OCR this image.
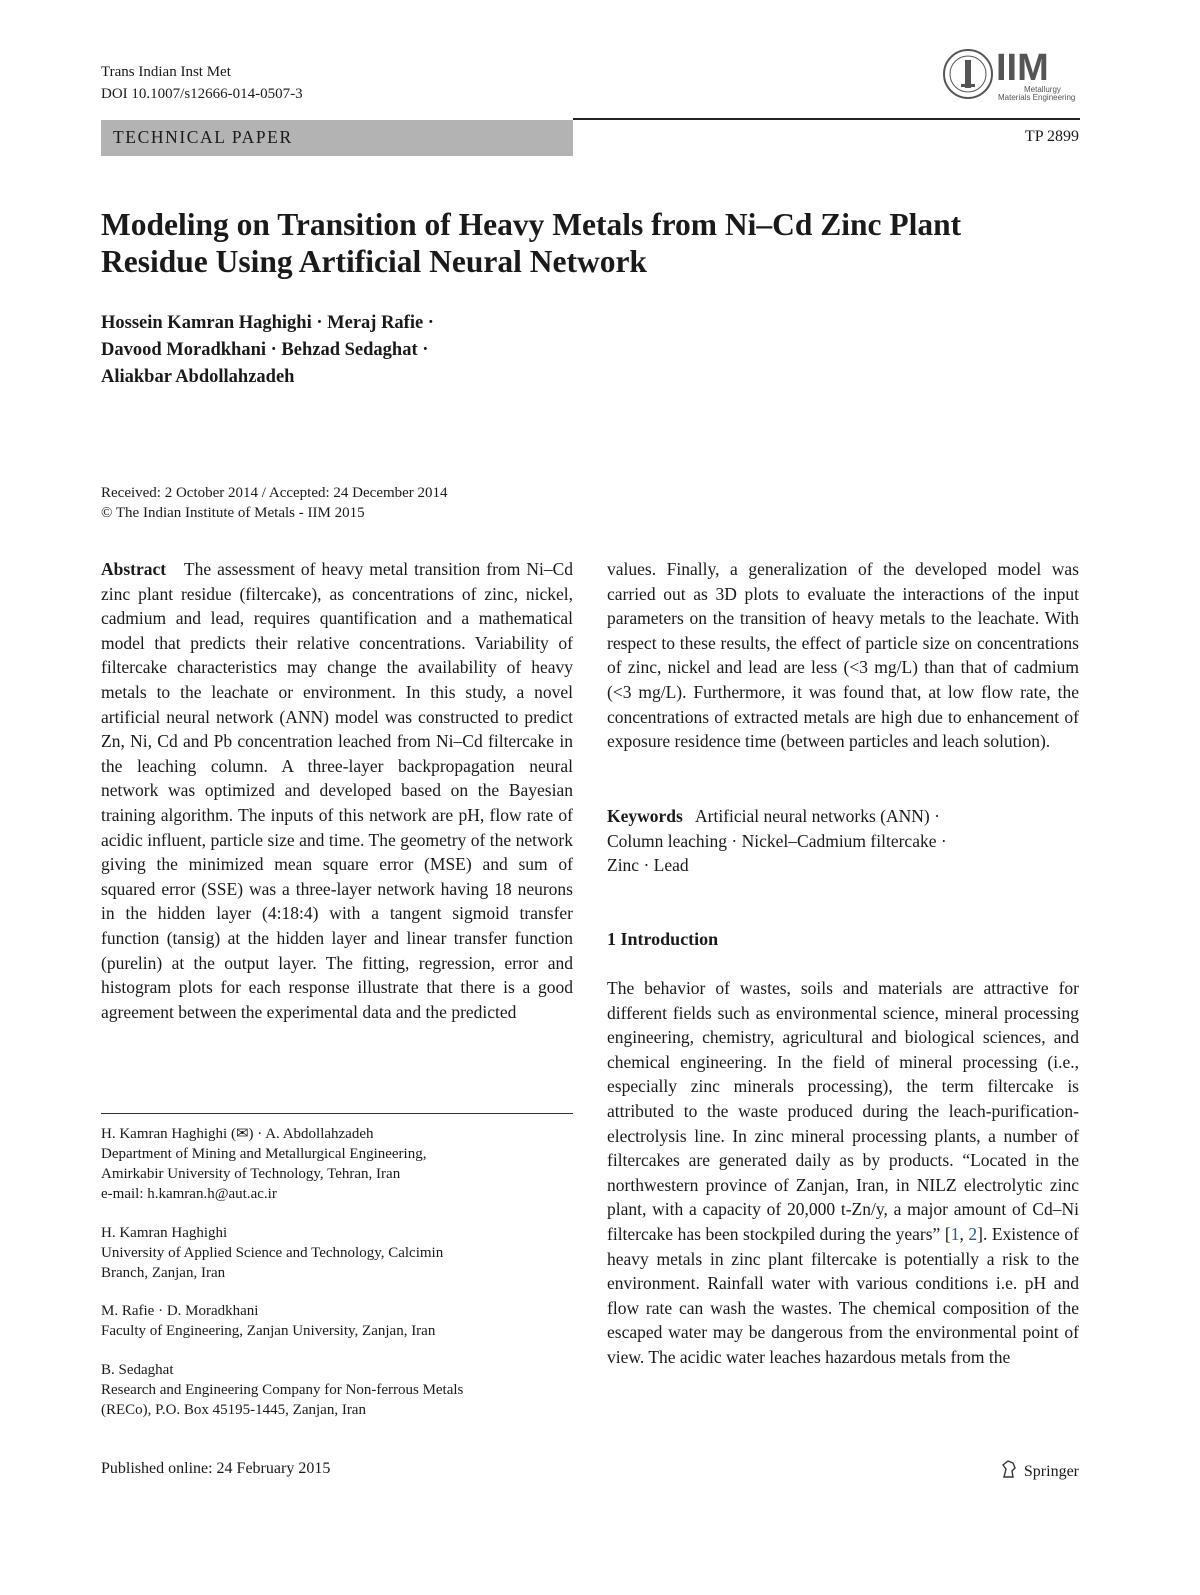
Trans Indian Inst Met
DOI 10.1007/s12666-014-0507-3
IIM
Metallurgy
Materials Engineering
TECHNICAL PAPER	TP 2899
Modeling on Transition of Heavy Metals from Ni–Cd Zinc Plant
Residue Using Artificial Neural Network
Hossein Kamran Haghighi · Meraj Rafie ·
Davood Moradkhani · Behzad Sedaghat ·
Aliakbar Abdollahzadeh
Received: 2 October 2014 / Accepted: 24 December 2014
© The Indian Institute of Metals - IIM 2015

Abstract The assessment of heavy metal transition from Ni–Cd zinc plant residue (filtercake), as concentrations of zinc, nickel, cadmium and lead, requires quantification and a mathematical model that predicts their relative concentrations. Variability of filtercake characteristics may change the availability of heavy metals to the leachate or environment. In this study, a novel artificial neural network (ANN) model was constructed to predict Zn, Ni, Cd and Pb concentration leached from Ni–Cd filtercake in the leaching column. A three-layer backpropagation neural network was optimized and developed based on the Bayesian training algorithm. The inputs of this network are pH, flow rate of acidic influent, particle size and time. The geometry of the network giving the minimized mean square error (MSE) and sum of squared error (SSE) was a three-layer network having 18 neurons in the hidden layer (4:18:4) with a tangent sigmoid transfer function (tansig) at the hidden layer and linear transfer function (purelin) at the output layer. The fitting, regression, error and histogram plots for each response illustrate that there is a good agreement between the experimental data and the predicted

H. Kamran Haghighi (✉) · A. Abdollahzadeh
Department of Mining and Metallurgical Engineering,
Amirkabir University of Technology, Tehran, Iran
e-mail: h.kamran.h@aut.ac.ir
H. Kamran Haghighi
University of Applied Science and Technology, Calcimin
Branch, Zanjan, Iran
M. Rafie · D. Moradkhani
Faculty of Engineering, Zanjan University, Zanjan, Iran
B. Sedaghat
Research and Engineering Company for Non-ferrous Metals
(RECo), P.O. Box 45195-1445, Zanjan, Iran

values. Finally, a generalization of the developed model was carried out as 3D plots to evaluate the interactions of the input parameters on the transition of heavy metals to the leachate. With respect to these results, the effect of particle size on concentrations of zinc, nickel and lead are less (<3 mg/L) than that of cadmium (<3 mg/L). Furthermore, it was found that, at low flow rate, the concentrations of extracted metals are high due to enhancement of exposure residence time (between particles and leach solution).

Keywords Artificial neural networks (ANN) ·
Column leaching · Nickel–Cadmium filtercake ·
Zinc · Lead
1 Introduction

The behavior of wastes, soils and materials are attractive for different fields such as environmental science, mineral processing engineering, chemistry, agricultural and biological sciences, and chemical engineering. In the field of mineral processing (i.e., especially zinc minerals processing), the term filtercake is attributed to the waste produced during the leach-purification-electrolysis line. In zinc mineral processing plants, a number of filtercakes are generated daily as by products. “Located in the northwestern province of Zanjan, Iran, in NILZ electrolytic zinc plant, with a capacity of 20,000 t-Zn/y, a major amount of Cd–Ni filtercake has been stockpiled during the years” [1, 2]. Existence of heavy metals in zinc plant filtercake is potentially a risk to the environment. Rainfall water with various conditions i.e. pH and flow rate can wash the wastes. The chemical composition of the escaped water may be dangerous from the environmental point of view. The acidic water leaches hazardous metals from the

Published online: 24 February 2015	Springer
